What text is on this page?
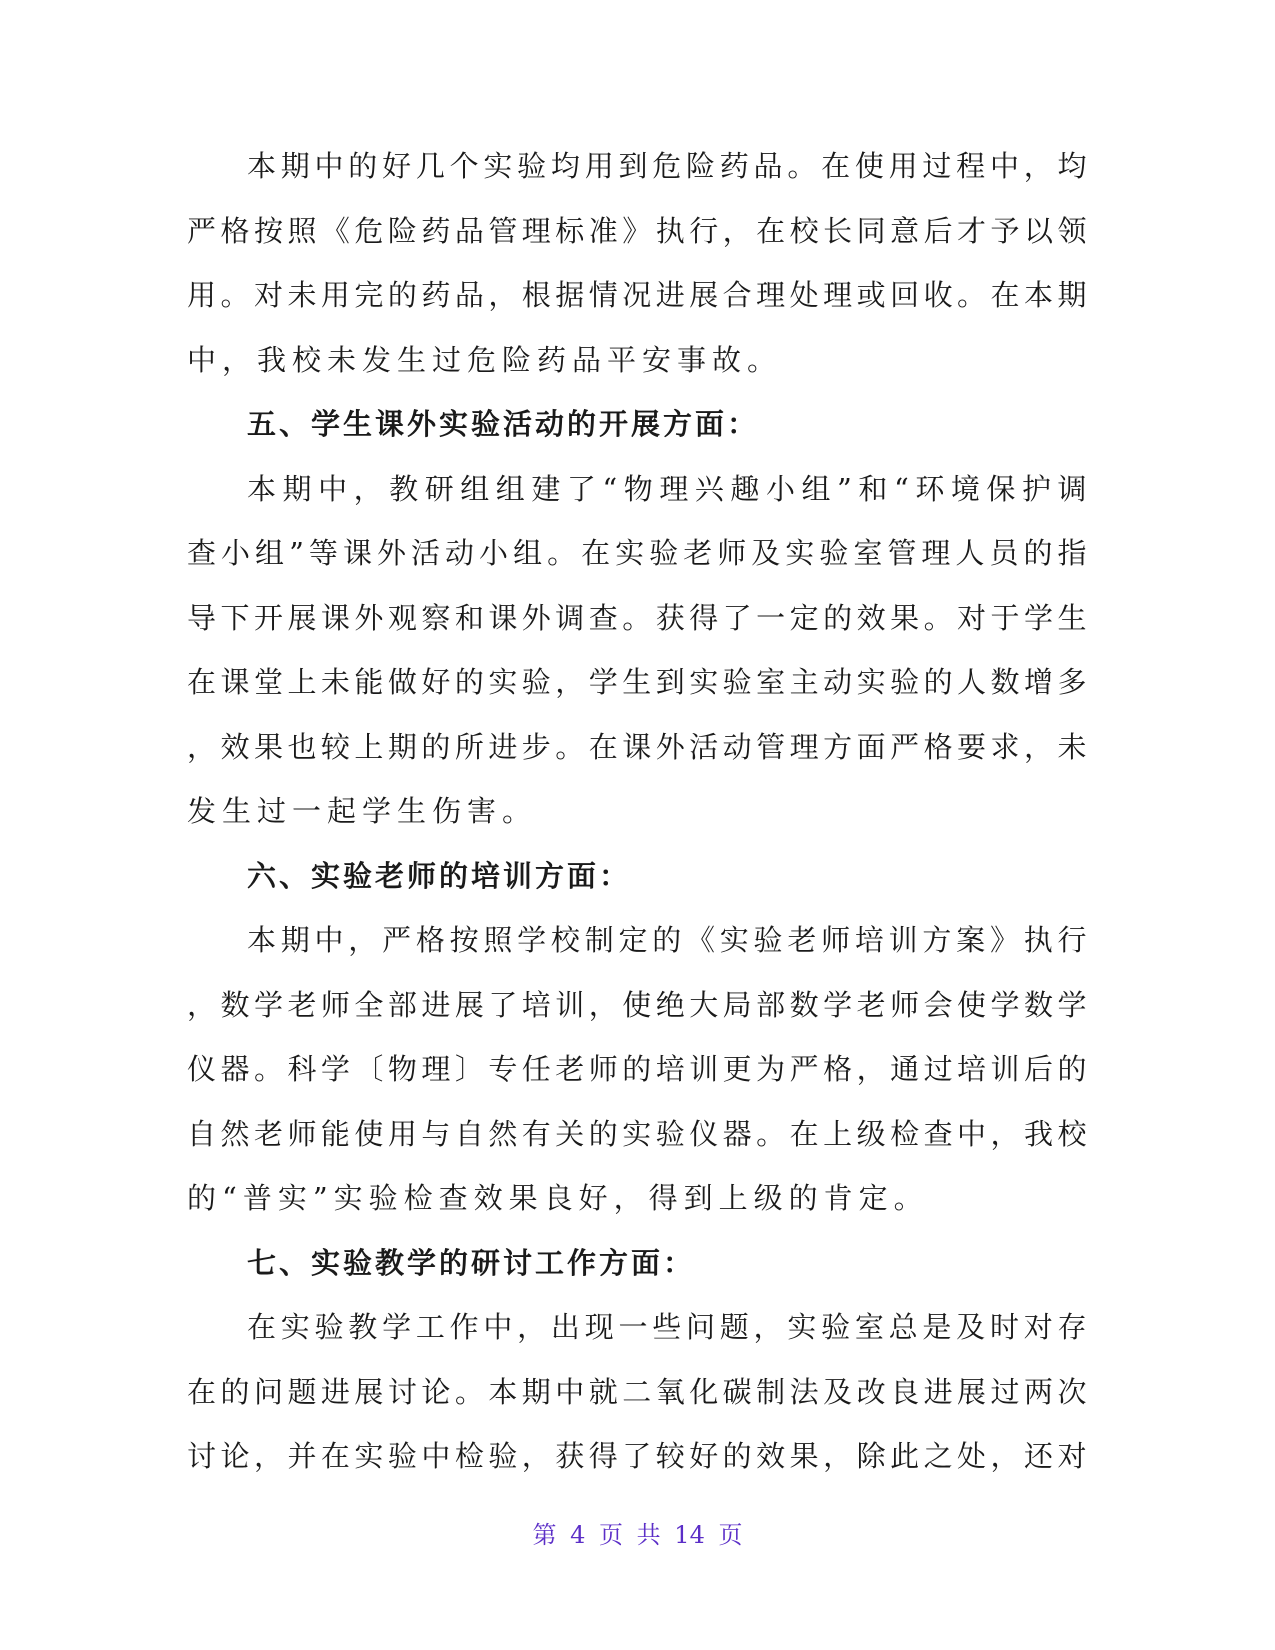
本期中的好几个实验均用到危险药品。在使用过程中，均
严格按照《危险药品管理标准》执行，在校长同意后才予以领
用。对未用完的药品，根据情况进展合理处理或回收。在本期
中，我校未发生过危险药品平安事故。
五、学生课外实验活动的开展方面：
本期中，教研组组建了“物理兴趣小组”和“环境保护调
查小组”等课外活动小组。在实验老师及实验室管理人员的指
导下开展课外观察和课外调查。获得了一定的效果。对于学生
在课堂上未能做好的实验，学生到实验室主动实验的人数增多
，效果也较上期的所进步。在课外活动管理方面严格要求，未
发生过一起学生伤害。
六、实验老师的培训方面：
本期中，严格按照学校制定的《实验老师培训方案》执行
，数学老师全部进展了培训，使绝大局部数学老师会使学数学
仪器。科学〔物理〕专任老师的培训更为严格，通过培训后的
自然老师能使用与自然有关的实验仪器。在上级检查中，我校
的“普实”实验检查效果良好，得到上级的肯定。
七、实验教学的研讨工作方面：
在实验教学工作中，出现一些问题，实验室总是及时对存
在的问题进展讨论。本期中就二氧化碳制法及改良进展过两次
讨论，并在实验中检验，获得了较好的效果，除此之处，还对
第 4 页 共 14 页
